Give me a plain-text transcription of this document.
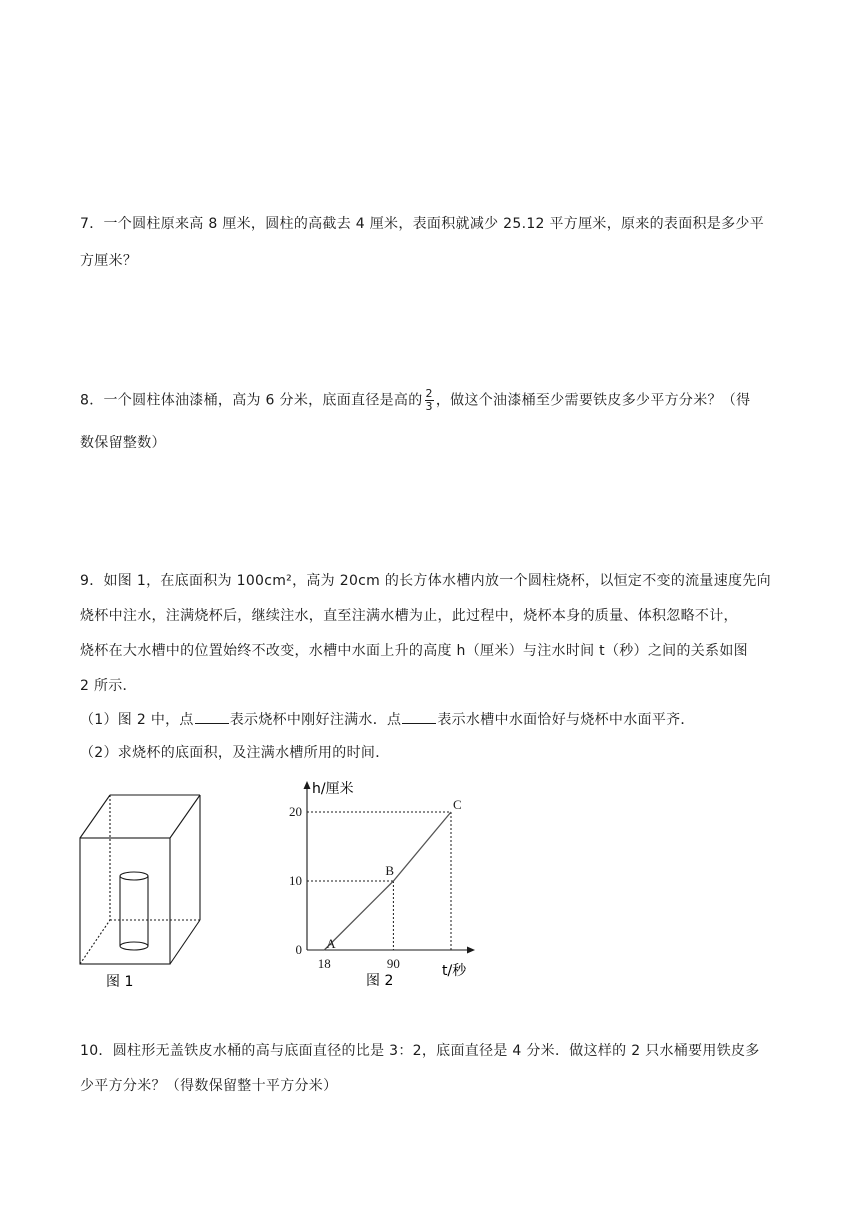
7．一个圆柱原来高 8 厘米，圆柱的高截去 4 厘米，表面积就减少 25.12 平方厘米，原来的表面积是多少平
方厘米？
8．一个圆柱体油漆桶，高为 6 分米，底面直径是高的 $\frac{2}{3}$ ，做这个油漆桶至少需要铁皮多少平方分米？（得
数保留整数）
9．如图 1，在底面积为 100cm²，高为 20cm 的长方体水槽内放一个圆柱烧杯，以恒定不变的流量速度先向
烧杯中注水，注满烧杯后，继续注水，直至注满水槽为止，此过程中，烧杯本身的质量、体积忽略不计，
烧杯在大水槽中的位置始终不改变，水槽中水面上升的高度 h（厘米）与注水时间 t（秒）之间的关系如图
2 所示．
（1）图 2 中，点	表示烧杯中刚好注满水．点	表示水槽中水面恰好与烧杯中水面平齐．
（2）求烧杯的底面积，及注满水槽所用的时间．
图 1
0
10
20
18	90
A
B
C
h/厘米
t/秒
图 2
10．圆柱形无盖铁皮水桶的高与底面直径的比是 3：2，底面直径是 4 分米．做这样的 2 只水桶要用铁皮多
少平方分米？（得数保留整十平方分米）
